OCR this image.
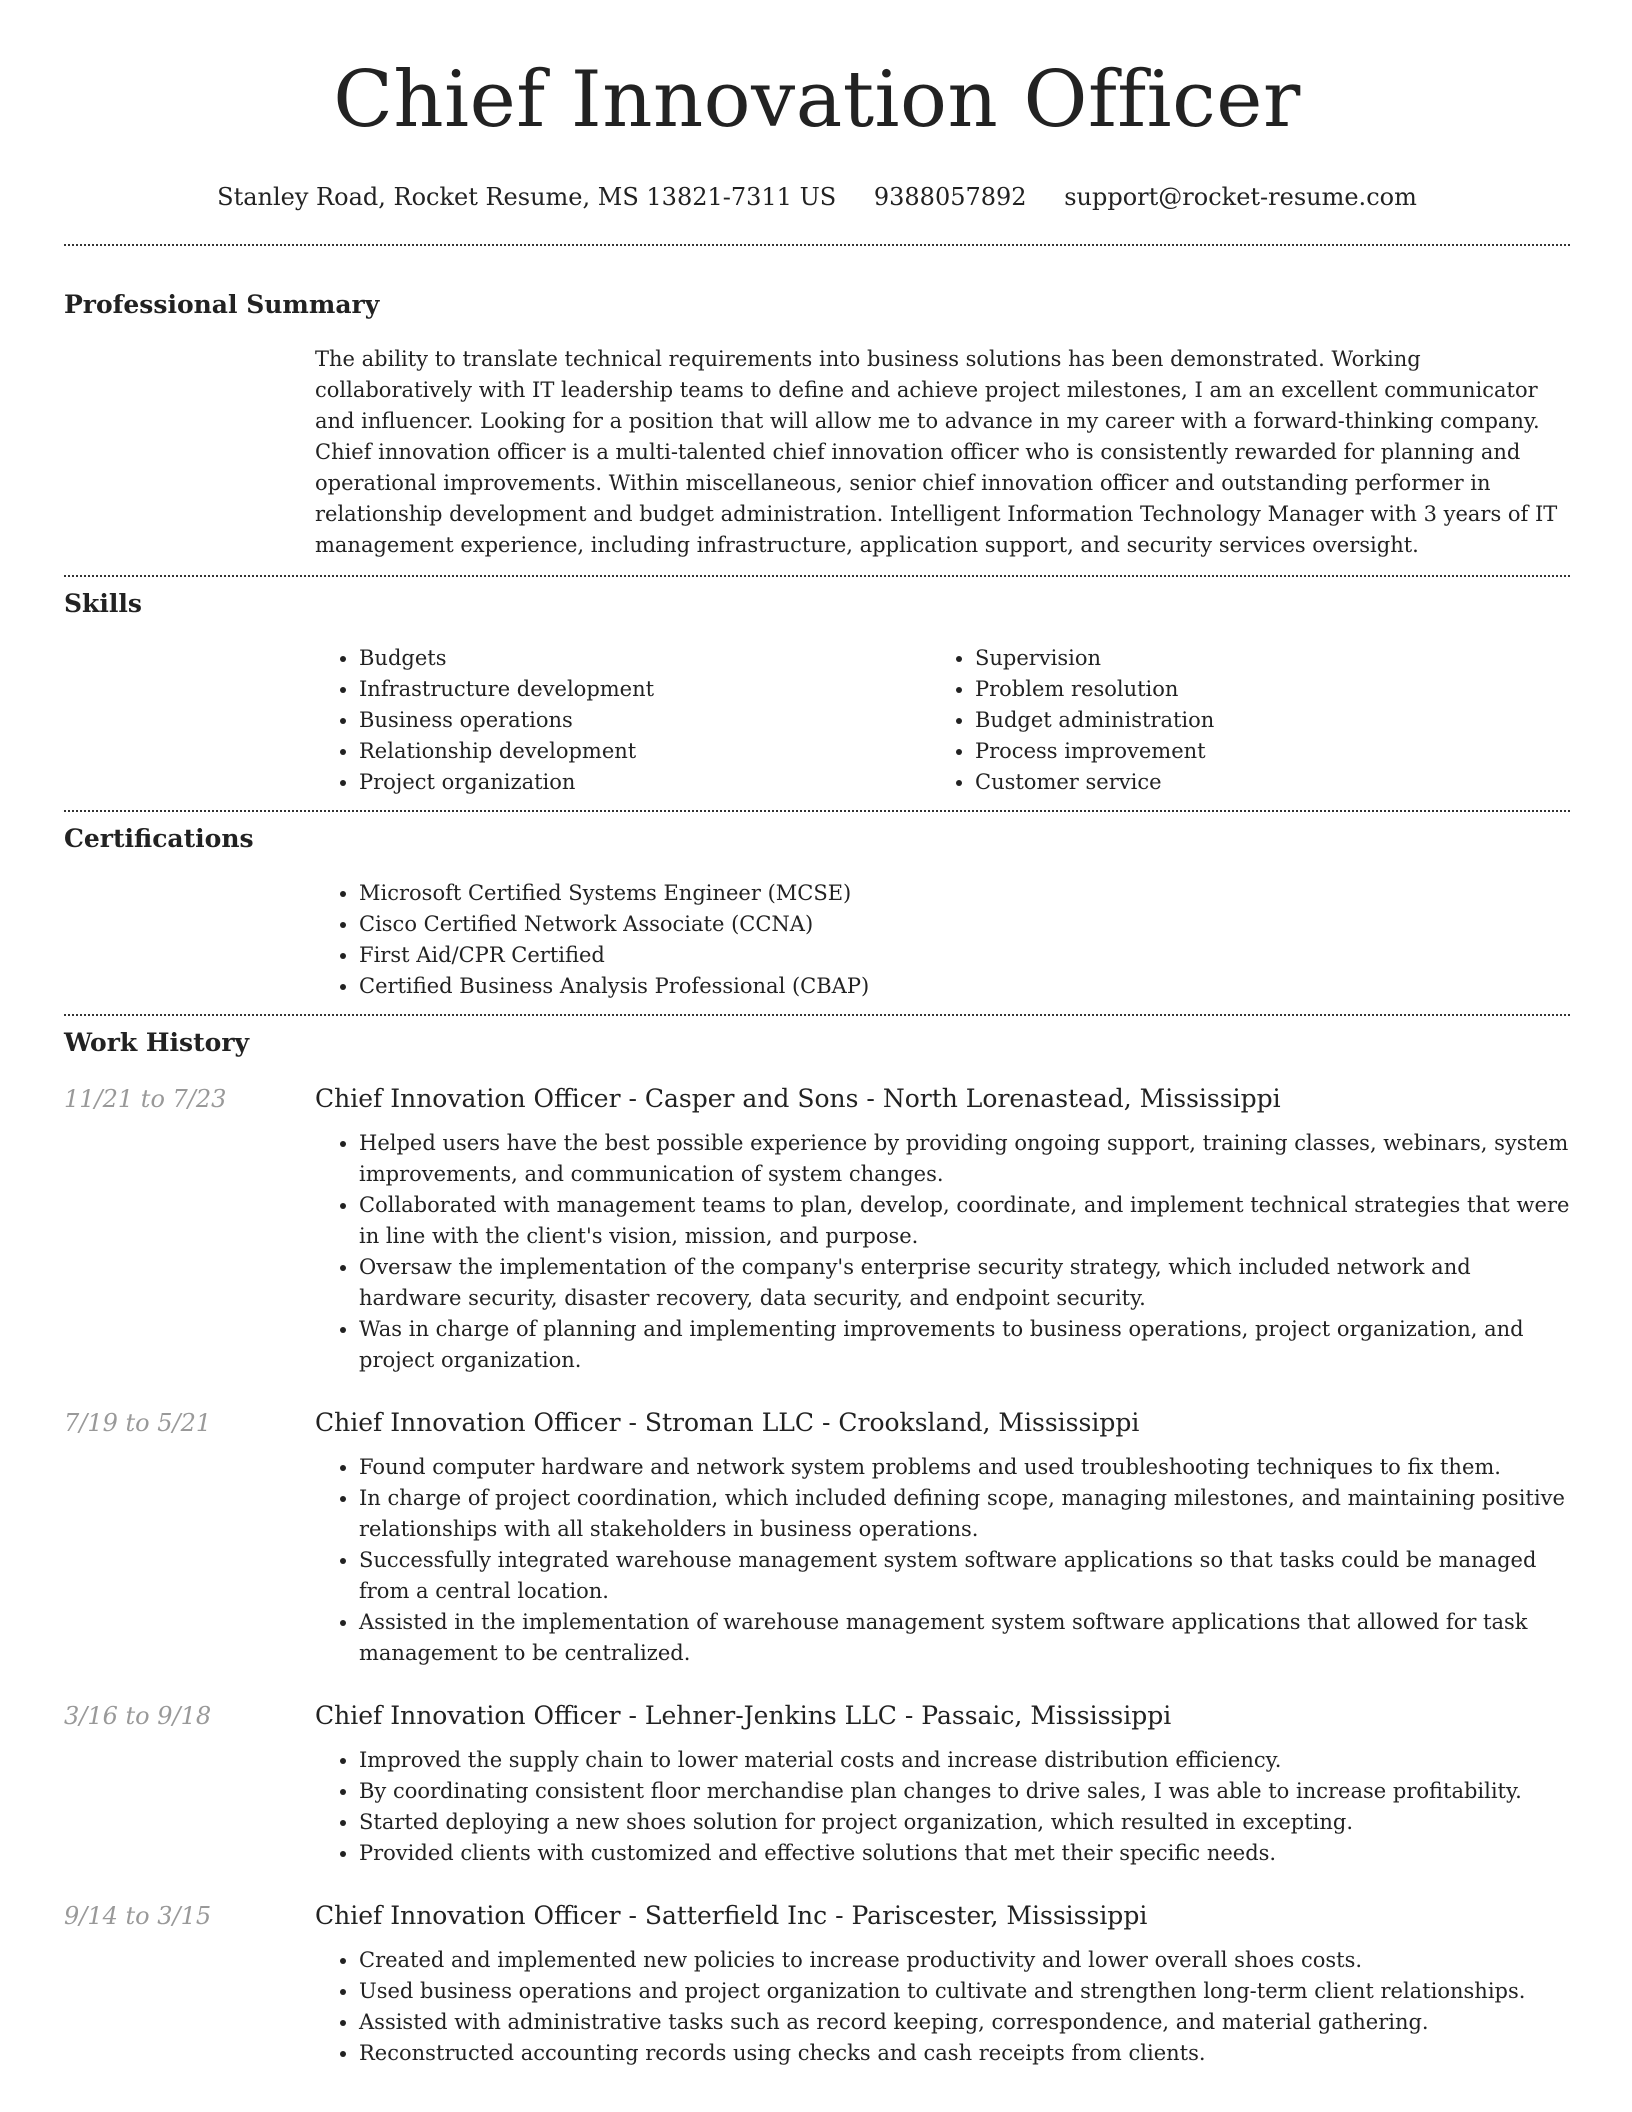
Chief Innovation Officer
Stanley Road, Rocket Resume, MS 13821-7311 US 9388057892 support@rocket-resume.com
Professional Summary

The ability to translate technical requirements into business solutions has been demonstrated. Working collaboratively with IT leadership teams to define and achieve project milestones, I am an excellent communicator and influencer. Looking for a position that will allow me to advance in my career with a forward-thinking company. Chief innovation officer is a multi-talented chief innovation officer who is consistently rewarded for planning and operational improvements. Within miscellaneous, senior chief innovation officer and outstanding performer in relationship development and budget administration. Intelligent Information Technology Manager with 3 years of IT management experience, including infrastructure, application support, and security services oversight.

Skills
• Budgets
• Infrastructure development
• Business operations
• Relationship development
• Project organization
• Supervision
• Problem resolution
• Budget administration
• Process improvement
• Customer service
Certifications
• Microsoft Certified Systems Engineer (MCSE)
• Cisco Certified Network Associate (CCNA)
• First Aid/CPR Certified
• Certified Business Analysis Professional (CBAP)
Work History
11/21 to 7/23	Chief Innovation Officer - Casper and Sons - North Lorenastead, Mississippi
• Helped users have the best possible experience by providing ongoing support, training classes, webinars, system improvements, and communication of system changes.
• Collaborated with management teams to plan, develop, coordinate, and implement technical strategies that were in line with the client's vision, mission, and purpose.
• Oversaw the implementation of the company's enterprise security strategy, which included network and hardware security, disaster recovery, data security, and endpoint security.
• Was in charge of planning and implementing improvements to business operations, project organization, and project organization.
7/19 to 5/21	Chief Innovation Officer - Stroman LLC - Crooksland, Mississippi
• Found computer hardware and network system problems and used troubleshooting techniques to fix them.
• In charge of project coordination, which included defining scope, managing milestones, and maintaining positive relationships with all stakeholders in business operations.
• Successfully integrated warehouse management system software applications so that tasks could be managed from a central location.
• Assisted in the implementation of warehouse management system software applications that allowed for task management to be centralized.
3/16 to 9/18	Chief Innovation Officer - Lehner-Jenkins LLC - Passaic, Mississippi
• Improved the supply chain to lower material costs and increase distribution efficiency.
• By coordinating consistent floor merchandise plan changes to drive sales, I was able to increase profitability.
• Started deploying a new shoes solution for project organization, which resulted in excepting.
• Provided clients with customized and effective solutions that met their specific needs.
9/14 to 3/15	Chief Innovation Officer - Satterfield Inc - Pariscester, Mississippi
• Created and implemented new policies to increase productivity and lower overall shoes costs.
• Used business operations and project organization to cultivate and strengthen long-term client relationships.
• Assisted with administrative tasks such as record keeping, correspondence, and material gathering.
• Reconstructed accounting records using checks and cash receipts from clients.
